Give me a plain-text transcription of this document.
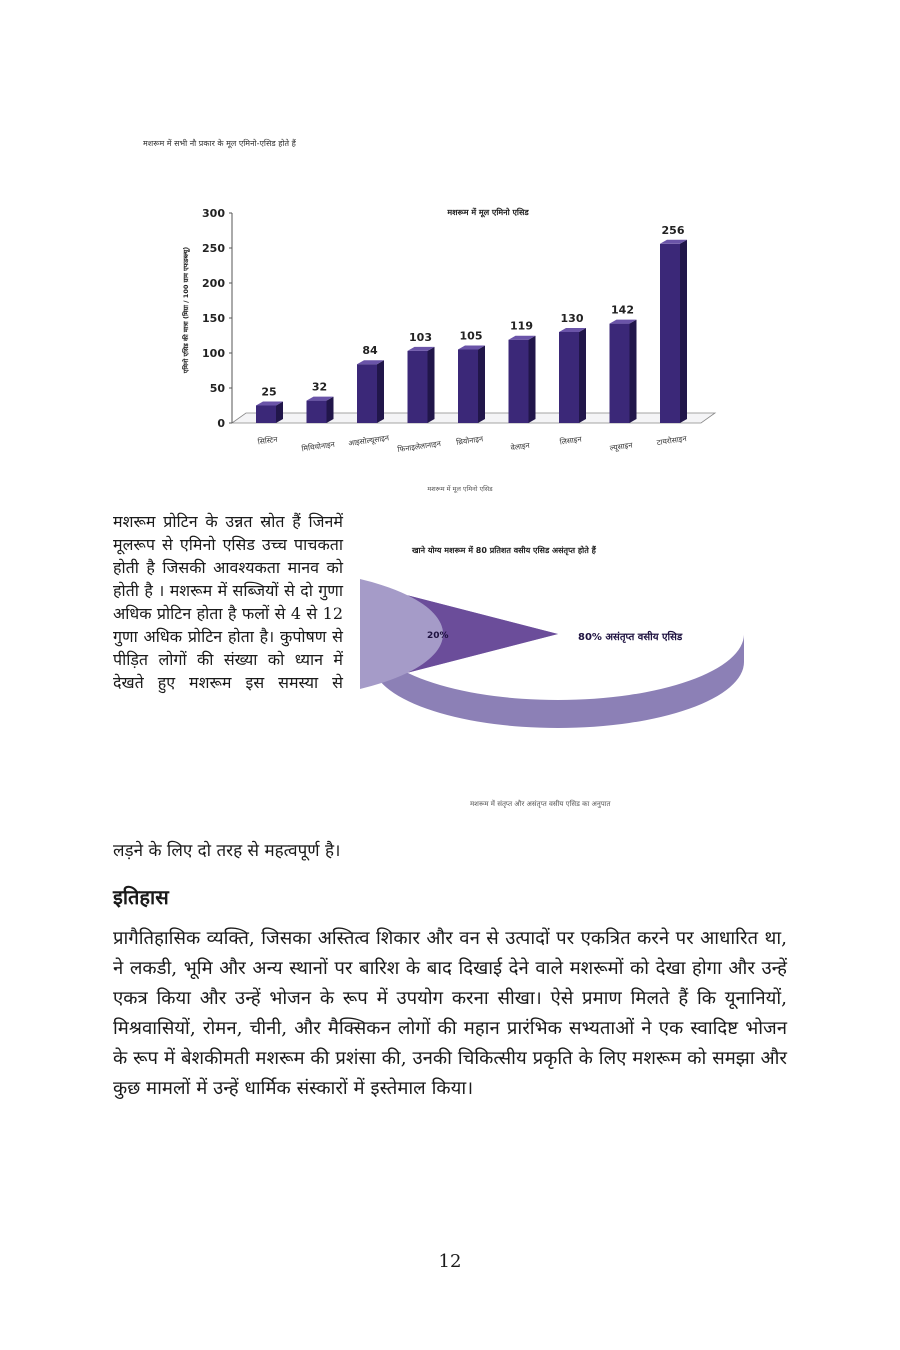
मशरूम में सभी नौ प्रकार के मूल एमिनो-एसिड होते हैं
मशरूम में मूल एमिनो एसिड
एमिनो एसिड की मात्रा (मिग्रा / 100 ग्राम एफडब्ल्यू)
0
50
100
150
200
250
300
25
सिस्टिन
32
मिथियोनाइन
84
आइसोल्यूसाइन
103
फिनाइलेलानाइन
105
थ्रियोनाइन
119
वेलाइन
130
लिसाइन
142
ल्यूसाइन
256
टायरोसाइन
मशरूम में मूल एमिनो एसिड
खाने योग्य मशरूम में 80 प्रतिशत वसीय एसिड असंतृप्त होते हैं
80% असंतृप्त वसीय एसिड
20%
मशरूम में संतृप्त और असंतृप्त वसीय एसिड का अनुपात
मशरूम प्रोटिन के उन्नत स्रोत हैं जिनमें मूलरूप से एमिनो एसिड उच्च पाचकता होती है जिसकी आवश्यकता मानव को होती है । मशरूम में सब्जियों से दो गुणा अधिक प्रोटिन होता है फलों से 4 से 12 गुणा अधिक प्रोटिन होता है। कुपोषण से पीड़ित लोगों की संख्या को ध्यान में देखते हुए मशरूम इस समस्या से
लड़ने के लिए दो तरह से महत्वपूर्ण है।
इतिहास
प्रागैतिहासिक व्यक्ति, जिसका अस्तित्व शिकार और वन से उत्पादों पर एकत्रित करने पर आधारित था, ने लकडी, भूमि और अन्य स्थानों पर बारिश के बाद दिखाई देने वाले मशरूमों को देखा होगा और उन्हें एकत्र किया और उन्हें भोजन के रूप में उपयोग करना सीखा। ऐसे प्रमाण मिलते हैं कि यूनानियों, मिश्रवासियों, रोमन, चीनी, और मैक्सिकन लोगों की महान प्रारंभिक सभ्यताओं ने एक स्वादिष्ट भोजन के रूप में बेशकीमती मशरूम की प्रशंसा की, उनकी चिकित्सीय प्रकृति के लिए मशरूम को समझा और कुछ मामलों में उन्हें धार्मिक संस्कारों में इस्तेमाल किया।
12
